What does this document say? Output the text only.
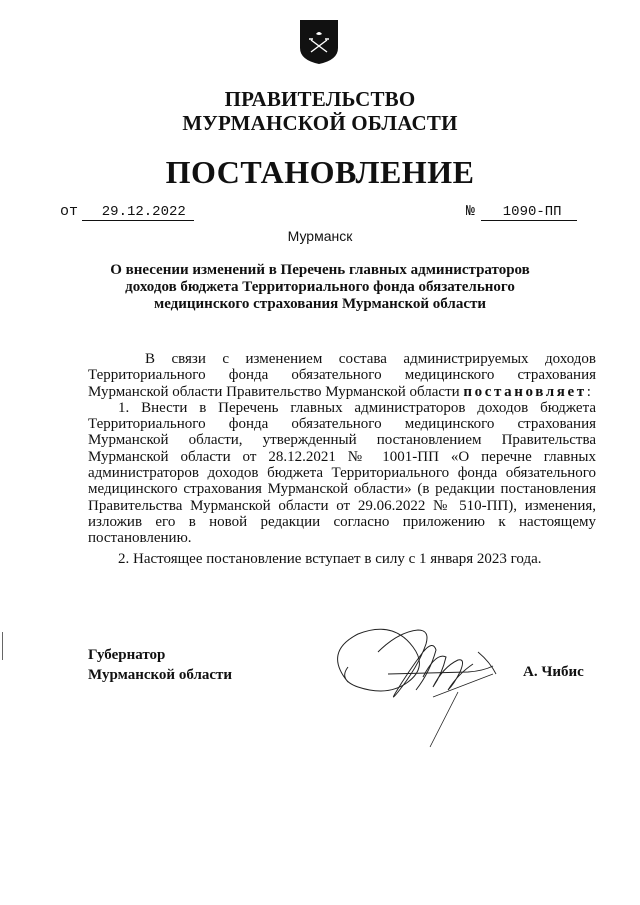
ПРАВИТЕЛЬСТВО
МУРМАНСКОЙ ОБЛАСТИ
ПОСТАНОВЛЕНИЕ
от 29.12.2022	№ 1090-ПП
Мурманск
О внесении изменений в Перечень главных администраторов доходов бюджета Территориального фонда обязательного медицинского страхования Мурманской области

В связи с изменением состава администрируемых доходов Территориального фонда обязательного медицинского страхования Мурманской области Правительство Мурманской области постановляет:

1. Внести в Перечень главных администраторов доходов бюджета Территориального фонда обязательного медицинского страхования Мурманской области, утвержденный постановлением Правительства Мурманской области от 28.12.2021 № 1001-ПП «О перечне главных администраторов доходов бюджета Территориального фонда обязательного медицинского страхования Мурманской области» (в редакции постановления Правительства Мурманской области от 29.06.2022 № 510-ПП), изменения, изложив его в новой редакции согласно приложению к настоящему постановлению.

2. Настоящее постановление вступает в силу с 1 января 2023 года.

Губернатор
Мурманской области	А. Чибис
